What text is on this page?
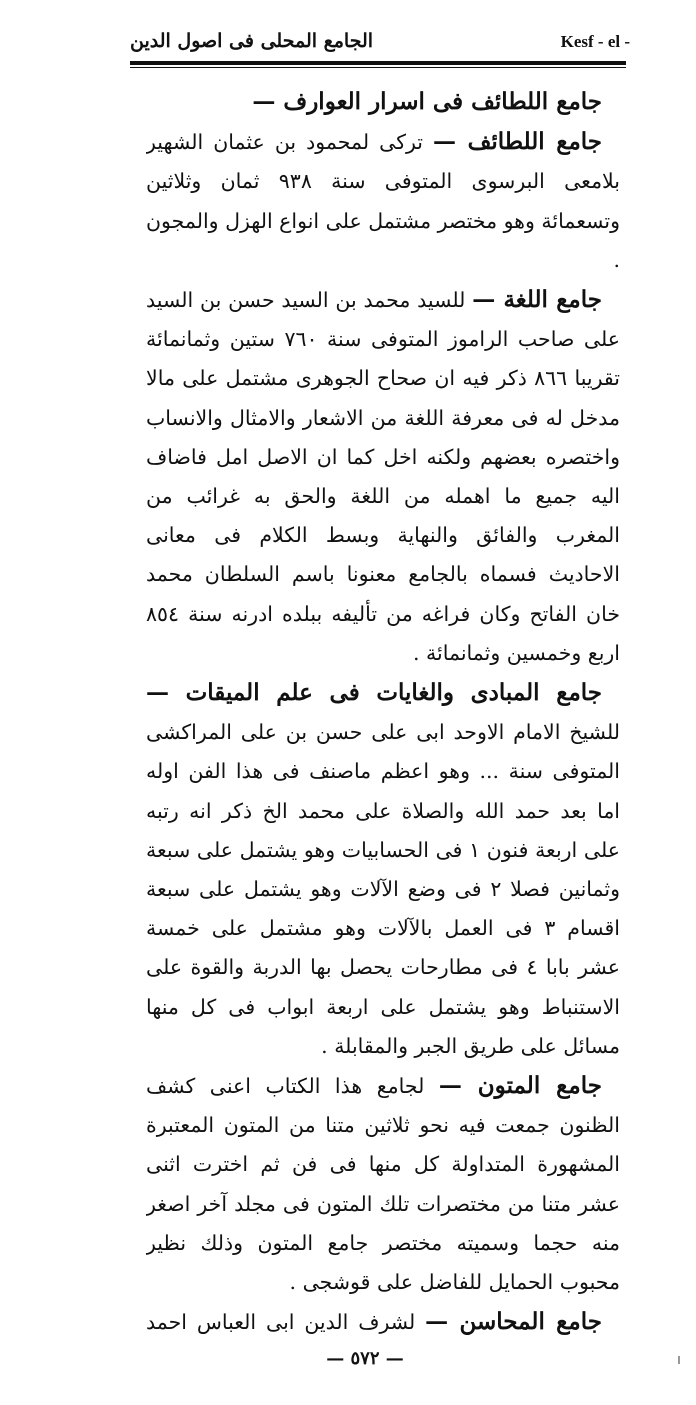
الجامع المحلى فى اصول الدين	Kesf - el -

جامع اللطائف فى اسرار العوارف —

جامع اللطائف — تركى لمحمود بن عثمان الشهير بلامعى البرسوى المتوفى سنة ٩٣٨ ثمان وثلاثين وتسعمائة وهو مختصر مشتمل على انواع الهزل والمجون .

جامع اللغة — للسيد محمد بن السيد حسن بن السيد على صاحب الراموز المتوفى سنة ٧٦٠ ستين وثمانمائة تقريبا ٨٦٦ ذكر فيه ان صحاح الجوهرى مشتمل على مالا مدخل له فى معرفة اللغة من الاشعار والامثال والانساب واختصره بعضهم ولكنه اخل كما ان الاصل امل فاضاف اليه جميع ما اهمله من اللغة والحق به غرائب من المغرب والفائق والنهاية وبسط الكلام فى معانى الاحاديث فسماه بالجامع معنونا باسم السلطان محمد خان الفاتح وكان فراغه من تأليفه ببلده ادرنه سنة ٨٥٤ اربع وخمسين وثمانمائة .

جامع المبادى والغايات فى علم الميقات — للشيخ الامام الاوحد ابى على حسن بن على المراكشى المتوفى سنة ... وهو اعظم ماصنف فى هذا الفن اوله اما بعد حمد الله والصلاة على محمد الخ ذكر انه رتبه على اربعة فنون ١ فى الحسابيات وهو يشتمل على سبعة وثمانين فصلا ٢ فى وضع الآلات وهو يشتمل على سبعة اقسام ٣ فى العمل بالآلات وهو مشتمل على خمسة عشر بابا ٤ فى مطارحات يحصل بها الدربة والقوة على الاستنباط وهو يشتمل على اربعة ابواب فى كل منها مسائل على طريق الجبر والمقابلة .

جامع المتون — لجامع هذا الكتاب اعنى كشف الظنون جمعت فيه نحو ثلاثين متنا من المتون المعتبرة المشهورة المتداولة كل منها فى فن ثم اخترت اثنى عشر متنا من مختصرات تلك المتون فى مجلد آخر اصغر منه حجما وسميته مختصر جامع المتون وذلك نظير محبوب الحمايل للفاضل على قوشجى .

جامع المحاسن — لشرف الدين ابى العباس احمد

— ٥٧٢ —
